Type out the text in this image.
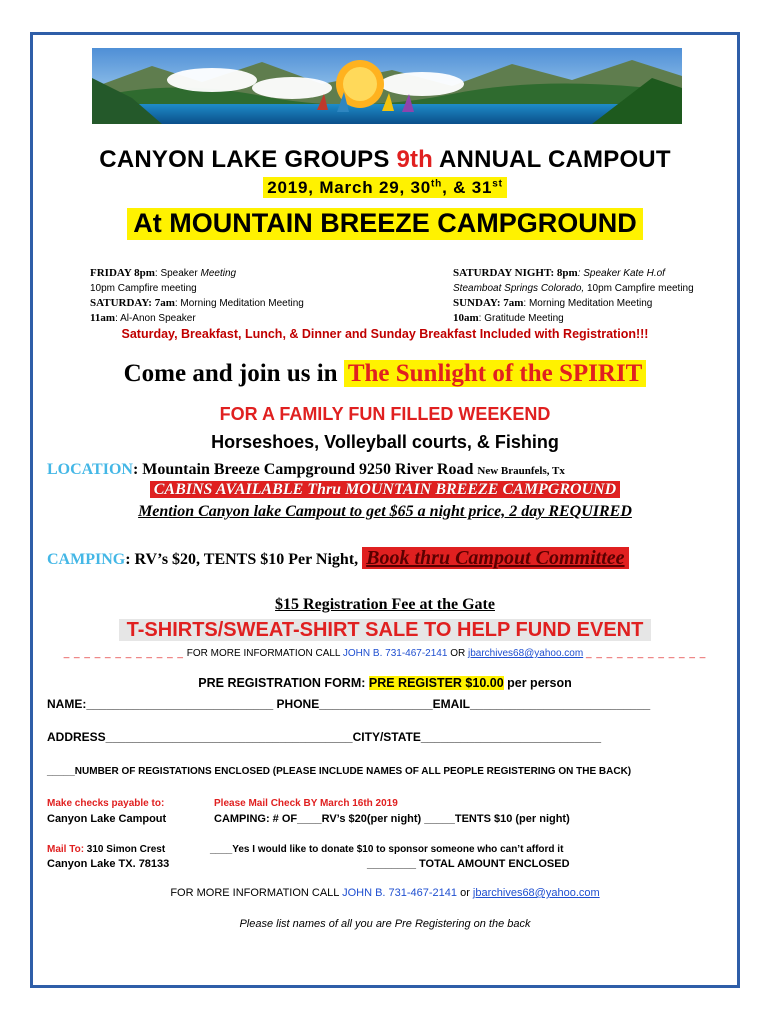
CANYON LAKE GROUPS 9th ANNUAL CAMPOUT
2019, March 29, 30th, & 31st
At MOUNTAIN BREEZE CAMPGROUND
FRIDAY 8pm: Speaker Meeting
10pm Campfire meeting
SATURDAY: 7am: Morning Meditation Meeting
11am: Al-Anon Speaker
SATURDAY NIGHT: 8pm: Speaker Kate H.of
Steamboat Springs Colorado, 10pm Campfire meeting
SUNDAY: 7am: Morning Meditation Meeting
10am: Gratitude Meeting
Saturday, Breakfast, Lunch, & Dinner and Sunday Breakfast Included with Registration!!!
Come and join us in The Sunlight of the SPIRIT
FOR A FAMILY FUN FILLED WEEKEND
Horseshoes, Volleyball courts, & Fishing
LOCATION: Mountain Breeze Campground 9250 River Road New Braunfels, Tx
CABINS AVAILABLE Thru MOUNTAIN BREEZE CAMPGROUND
Mention Canyon lake Campout to get $65 a night price, 2 day REQUIRED
CAMPING: RV’s $20, TENTS $10 Per Night, Book thru Campout Committee
$15 Registration Fee at the Gate
T-SHIRTS/SWEAT-SHIRT SALE TO HELP FUND EVENT
_ _ _ _ _ _ _ _ _ _ _ _ FOR MORE INFORMATION CALL JOHN B. 731-467-2141 OR jbarchives68@yahoo.com _ _ _ _ _ _ _ _ _ _ _ _
PRE REGISTRATION FORM: PRE REGISTER $10.00 per person
NAME:____________________________ PHONE_________________EMAIL___________________________
ADDRESS_____________________________________CITY/STATE___________________________
_____NUMBER OF REGISTATIONS ENCLOSED (PLEASE INCLUDE NAMES OF ALL PEOPLE REGISTERING ON THE BACK)
Make checks payable to:
Canyon Lake Campout
Please Mail Check BY March 16th 2019
CAMPING: # OF____RV’s $20(per night) _____TENTS $10 (per night)
Mail To: 310 Simon Crest
Canyon Lake TX. 78133
____Yes I would like to donate $10 to sponsor someone who can’t afford it
________ TOTAL AMOUNT ENCLOSED
FOR MORE INFORMATION CALL JOHN B. 731-467-2141 or jbarchives68@yahoo.com
Please list names of all you are Pre Registering on the back
